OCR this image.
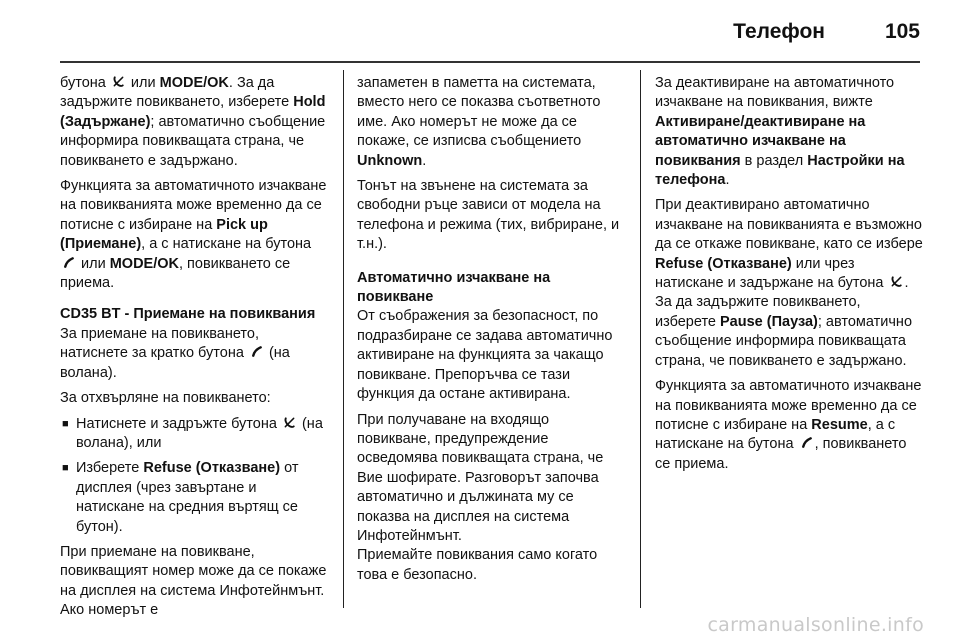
Телефон	105

бутона
или MODE/OK. За да задържите повикването, изберете Hold (Задържане); автоматично съобщение информира повикващата страна, че повикването е задържано.

Функцията за автоматичното изчакване на повикванията може временно да се потисне с избиране на Pick up (Приемане), а с натискане на бутона
или MODE/OK, повикването се приема.

CD35 BT - Приемане на повиквания

За приемане на повикването, натиснете за кратко бутона
(на волана).

За отхвърляне на повикването:

■ Натиснете и задръжте бутона
(на волана), или
■ Изберете Refuse (Отказване) от дисплея (чрез завъртане и натискане на средния въртящ се бутон).

При приемане на повикване, повикващият номер може да се покаже на дисплея на система Инфотейнмънт. Ако номерът е

запаметен в паметта на системата, вместо него се показва съответното име. Ако номерът не може да се покаже, се изписва съобщението Unknown.

Тонът на звънене на системата за свободни ръце зависи от модела на телефона и режима (тих, вибриране, и т.н.).

Автоматично изчакване на повикване

От съображения за безопасност, по подразбиране се задава автоматично активиране на функцията за чакащо повикване. Препоръчва се тази функция да остане активирана.

При получаване на входящо повикване, предупреждение осведомява повикващата страна, че Вие шофирате. Разговорът започва автоматично и дължината му се показва на дисплея на система Инфотейнмънт.

Приемайте повиквания само когато това е безопасно.

За деактивиране на автоматичното изчакване на повиквания, вижте Активиране/деактивиране на автоматично изчакване на повиквания в раздел Настройки на телефона.

При деактивирано автоматично изчакване на повикванията е възможно да се откаже повикване, като се избере Refuse (Отказване) или чрез натискане и задържане на бутона
. За да задържите повикването, изберете Pause (Пауза); автоматично съобщение информира повикващата страна, че повикването е задържано.

Функцията за автоматичното изчакване на повикванията може временно да се потисне с избиране на Resume, а с натискане на бутона
, повикването се приема.

carmanualsonline.info
